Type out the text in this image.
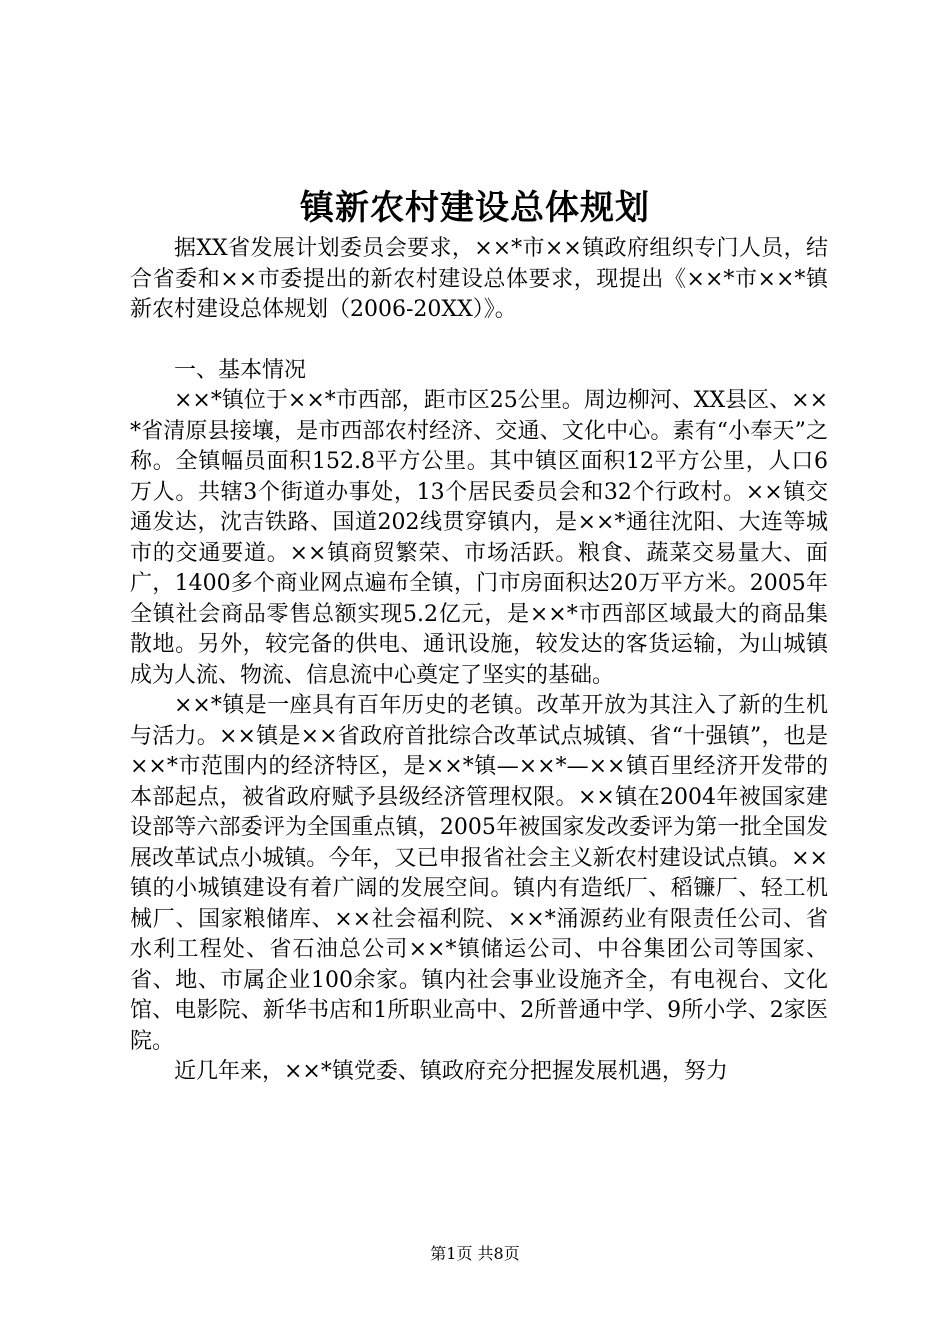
镇新农村建设总体规划

据XX省发展计划委员会要求，××*市××镇政府组织专门人员，结合省委和××市委提出的新农村建设总体要求，现提出《××*市××*镇新农村建设总体规划（2006-20XX）》。

一、基本情况

××*镇位于××*市西部，距市区25公里。周边柳河、XX县区、××*省清原县接壤，是市西部农村经济、交通、文化中心。素有“小奉天”之称。全镇幅员面积152.8平方公里。其中镇区面积12平方公里，人口6万人。共辖3个街道办事处，13个居民委员会和32个行政村。××镇交通发达，沈吉铁路、国道202线贯穿镇内，是××*通往沈阳、大连等城市的交通要道。××镇商贸繁荣、市场活跃。粮食、蔬菜交易量大、面广，1400多个商业网点遍布全镇，门市房面积达20万平方米。2005年全镇社会商品零售总额实现5.2亿元，是××*市西部区域最大的商品集散地。另外，较完备的供电、通讯设施，较发达的客货运输，为山城镇成为人流、物流、信息流中心奠定了坚实的基础。

××*镇是一座具有百年历史的老镇。改革开放为其注入了新的生机与活力。××镇是××省政府首批综合改革试点城镇、省“十强镇”，也是××*市范围内的经济特区，是××*镇—××*—××镇百里经济开发带的本部起点，被省政府赋予县级经济管理权限。××镇在2004年被国家建设部等六部委评为全国重点镇，2005年被国家发改委评为第一批全国发展改革试点小城镇。今年，又已申报省社会主义新农村建设试点镇。××镇的小城镇建设有着广阔的发展空间。镇内有造纸厂、稻镰厂、轻工机械厂、国家粮储库、××社会福利院、××*涌源药业有限责任公司、省水利工程处、省石油总公司××*镇储运公司、中谷集团公司等国家、省、地、市属企业100余家。镇内社会事业设施齐全，有电视台、文化馆、电影院、新华书店和1所职业高中、2所普通中学、9所小学、2家医院。

近几年来，××*镇党委、镇政府充分把握发展机遇，努力

第1页 共8页
